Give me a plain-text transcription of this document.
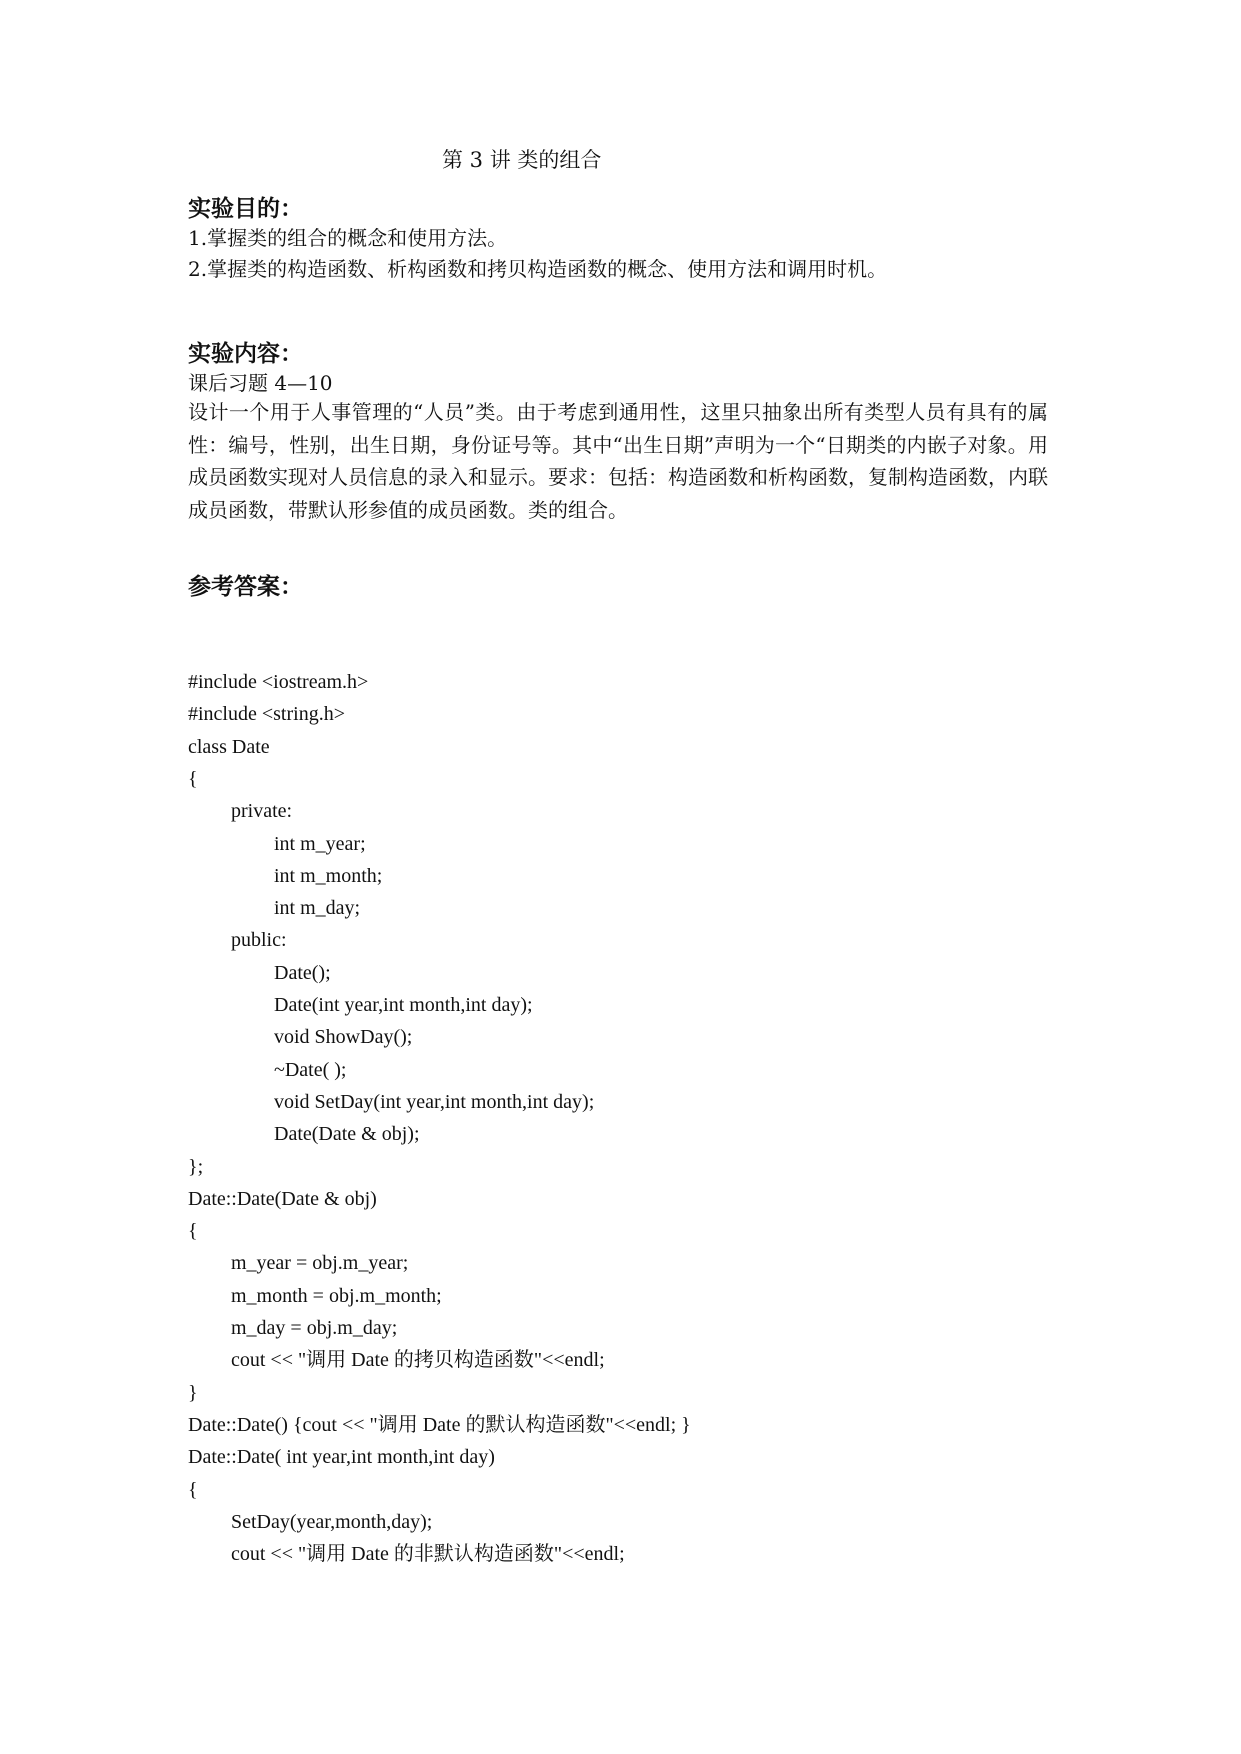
第 3 讲 类的组合
实验目的：
1.掌握类的组合的概念和使用方法。
2.掌握类的构造函数、析构函数和拷贝构造函数的概念、使用方法和调用时机。
实验内容：
课后习题 4—10
设计一个用于人事管理的“人员”类。由于考虑到通用性，这里只抽象出所有类型人员有具有的属性：编号，性别，出生日期，身份证号等。其中“出生日期”声明为一个“日期类的内嵌子对象。用成员函数实现对人员信息的录入和显示。要求：包括：构造函数和析构函数，复制构造函数，内联成员函数，带默认形参值的成员函数。类的组合。
参考答案：
#include <iostream.h>
#include <string.h>
class Date
{
private:
int m_year;
int m_month;
int m_day;
public:
Date();
Date(int year,int month,int day);
void ShowDay();
~Date( );
void SetDay(int year,int month,int day);
Date(Date & obj);
};
Date::Date(Date & obj)
{
m_year = obj.m_year;
m_month = obj.m_month;
m_day = obj.m_day;
cout << "调用 Date 的拷贝构造函数"<<endl;
}
Date::Date() {cout << "调用 Date 的默认构造函数"<<endl; }
Date::Date( int year,int month,int day)
{
SetDay(year,month,day);
cout << "调用 Date 的非默认构造函数"<<endl;
